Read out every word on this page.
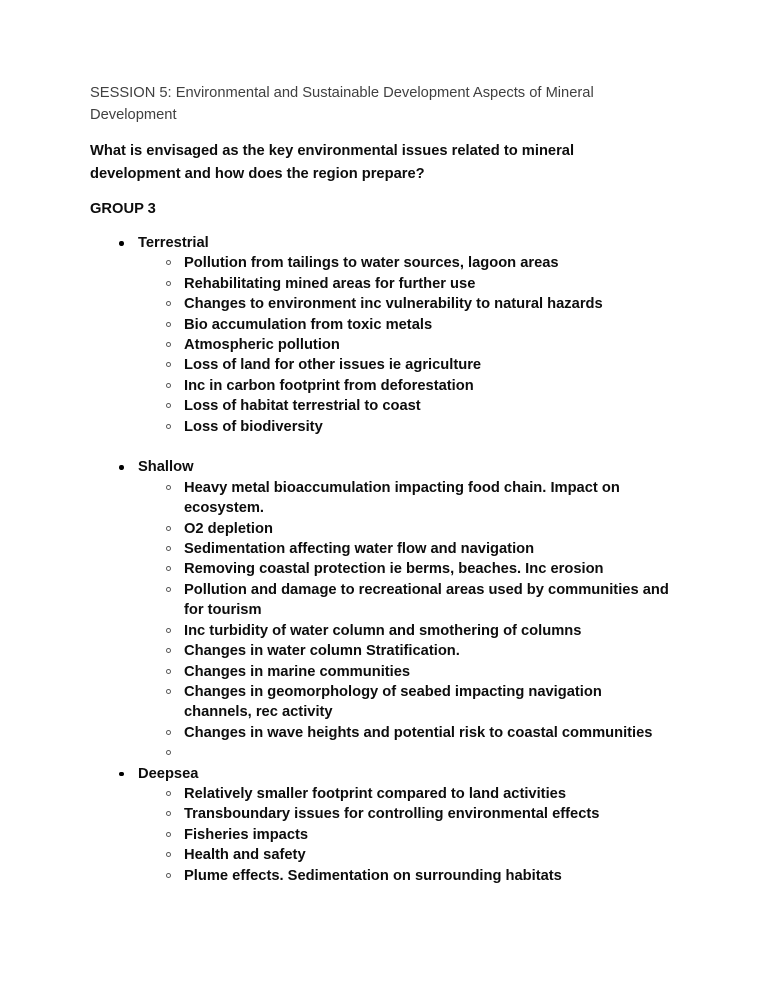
SESSION 5: Environmental and Sustainable Development Aspects of Mineral Development

What is envisaged as the key environmental issues related to mineral development and how does the region prepare?

GROUP 3

Terrestrial
Pollution from tailings to water sources, lagoon areas
Rehabilitating mined areas for further use
Changes to environment inc vulnerability to natural hazards
Bio accumulation from toxic metals
Atmospheric pollution
Loss of land for other issues ie agriculture
Inc in carbon footprint from deforestation
Loss of habitat terrestrial to coast
Loss of biodiversity
Shallow
Heavy metal bioaccumulation impacting food chain. Impact on ecosystem.
O2 depletion
Sedimentation affecting water flow and navigation
Removing coastal protection ie berms, beaches. Inc erosion
Pollution and damage to recreational areas used by communities and for tourism
Inc turbidity of water column and smothering of columns
Changes in water column Stratification.
Changes in marine communities
Changes in geomorphology of seabed impacting navigation channels, rec activity
Changes in wave heights and potential risk to coastal communities
Deepsea
Relatively smaller footprint compared to land activities
Transboundary issues for controlling environmental effects
Fisheries impacts
Health and safety
Plume effects. Sedimentation on surrounding habitats
